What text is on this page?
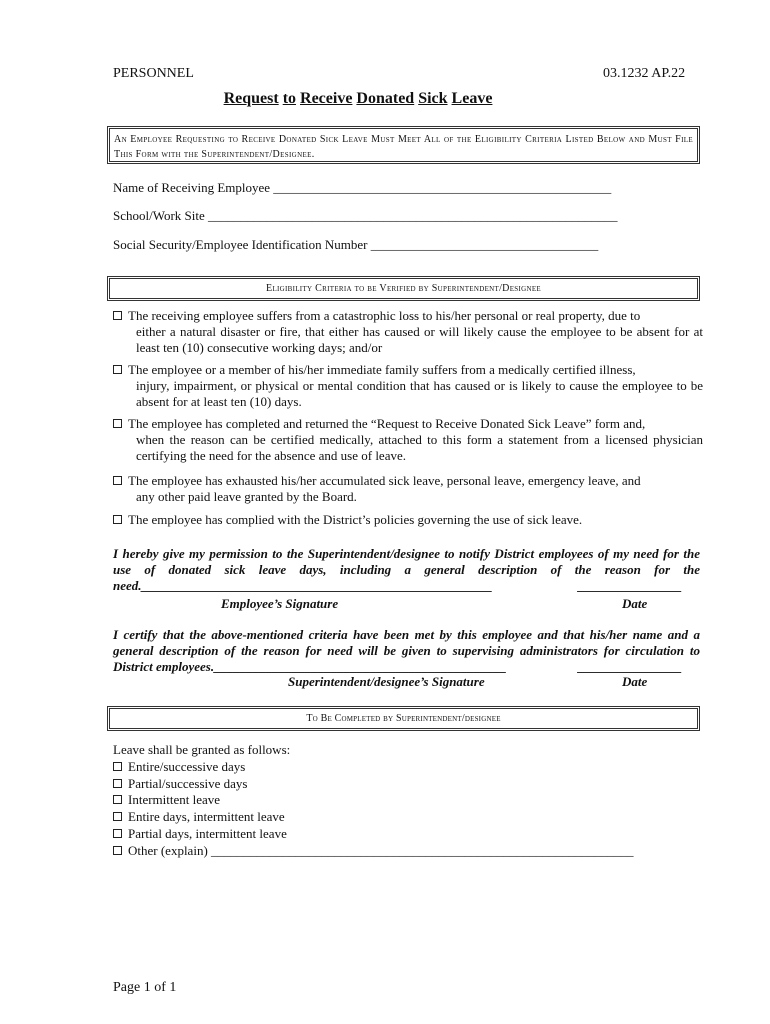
PERSONNEL	03.1232 AP.22
Request to Receive Donated Sick Leave
An Employee Requesting to Receive Donated Sick Leave Must Meet All of the Eligibility Criteria Listed Below and Must File This Form with the Superintendent/Designee.
Name of Receiving Employee ____________________________________________________
School/Work Site _______________________________________________________________
Social Security/Employee Identification Number ___________________________________
Eligibility Criteria to be Verified by Superintendent/Designee
The receiving employee suffers from a catastrophic loss to his/her personal or real property, due to
either a natural disaster or fire, that either has caused or will likely cause the employee to be absent for at least ten (10) consecutive working days; and/or
The employee or a member of his/her immediate family suffers from a medically certified illness,
injury, impairment, or physical or mental condition that has caused or is likely to cause the employee to be absent for at least ten (10) days.
The employee has completed and returned the “Request to Receive Donated Sick Leave” form and,
when the reason can be certified medically, attached to this form a statement from a licensed physician certifying the need for the absence and use of leave.
The employee has exhausted his/her accumulated sick leave, personal leave, emergency leave, and
any other paid leave granted by the Board.
The employee has complied with the District’s policies governing the use of sick leave.
I hereby give my permission to the Superintendent/designee to notify District employees of my need for the use of donated sick leave days, including a general description of the reason for the need.______________________________________________________	________________
Employee’s Signature	Date
I certify that the above-mentioned criteria have been met by this employee and that his/her name and a general description of the reason for need will be given to supervising administrators for circulation to District employees._____________________________________________	________________
Superintendent/designee’s Signature	Date
To Be Completed by Superintendent/designee
Leave shall be granted as follows:
Entire/successive days
Partial/successive days
Intermittent leave
Entire days, intermittent leave
Partial days, intermittent leave
Other (explain) _________________________________________________________________
Page 1 of 1
